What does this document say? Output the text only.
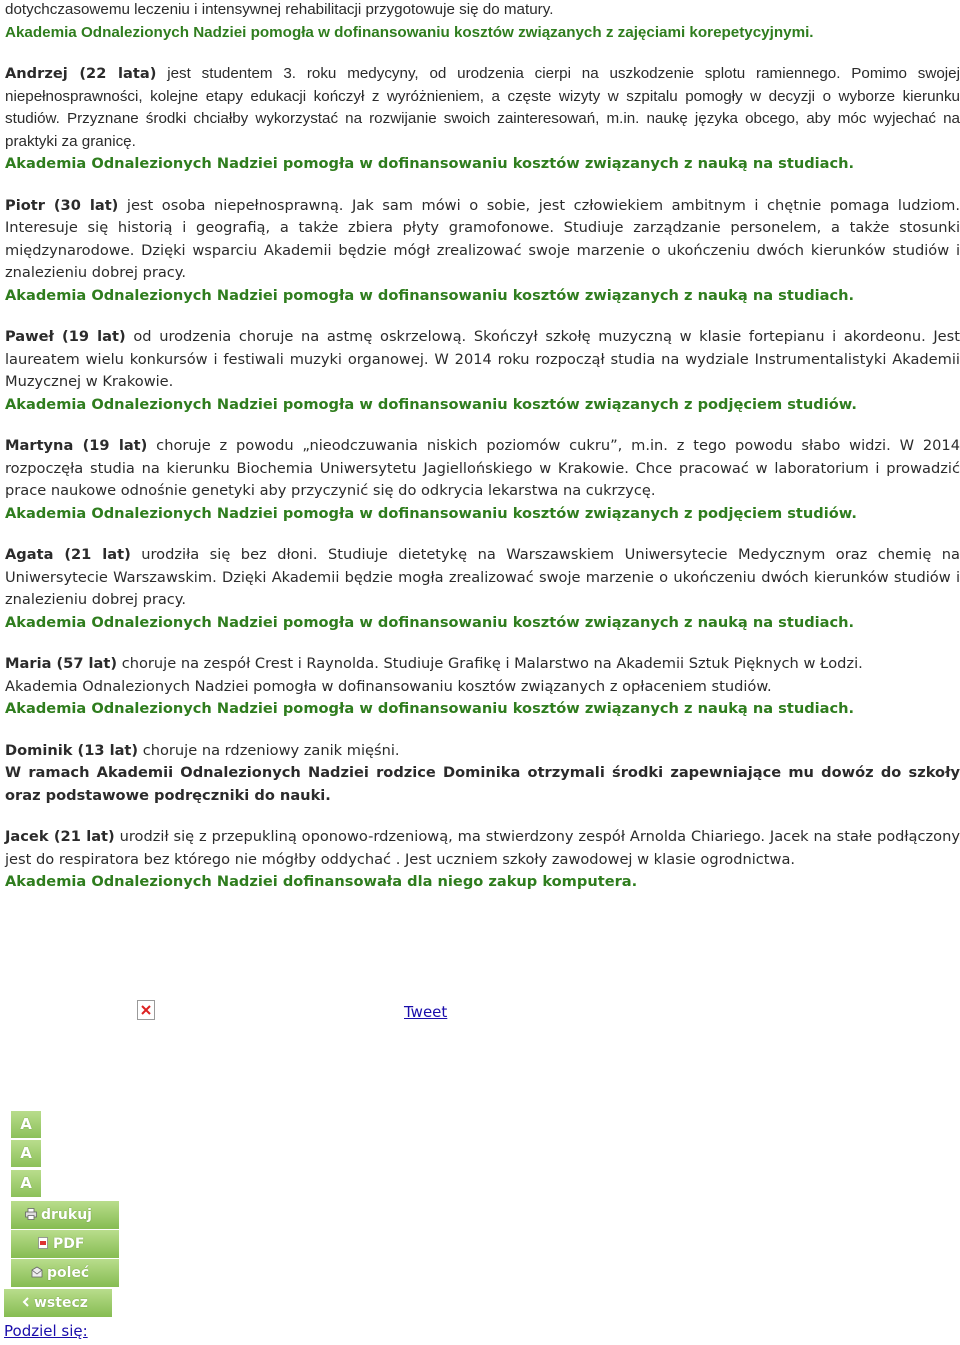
dotychczasowemu leczeniu i intensywnej rehabilitacji przygotowuje się do matury.
Akademia Odnalezionych Nadziei pomogła w dofinansowaniu kosztów związanych z zajęciami korepetycyjnymi.

Andrzej (22 lata) jest studentem 3. roku medycyny, od urodzenia cierpi na uszkodzenie splotu ramiennego. Pomimo swojej niepełnosprawności, kolejne etapy edukacji kończył z wyróżnieniem, a częste wizyty w szpitalu pomogły w decyzji o wyborze kierunku studiów. Przyznane środki chciałby wykorzystać na rozwijanie swoich zainteresowań, m.in. naukę języka obcego, aby móc wyjechać na praktyki za granicę.
Akademia Odnalezionych Nadziei pomogła w dofinansowaniu kosztów związanych z nauką na studiach.

Piotr (30 lat) jest osoba niepełnosprawną. Jak sam mówi o sobie, jest człowiekiem ambitnym i chętnie pomaga ludziom. Interesuje się historią i geografią, a także zbiera płyty gramofonowe. Studiuje zarządzanie personelem, a także stosunki międzynarodowe. Dzięki wsparciu Akademii będzie mógł zrealizować swoje marzenie o ukończeniu dwóch kierunków studiów i znalezieniu dobrej pracy.
Akademia Odnalezionych Nadziei pomogła w dofinansowaniu kosztów związanych z nauką na studiach.

Paweł (19 lat) od urodzenia choruje na astmę oskrzelową. Skończył szkołę muzyczną w klasie fortepianu i akordeonu. Jest laureatem wielu konkursów i festiwali muzyki organowej. W 2014 roku rozpoczął studia na wydziale Instrumentalistyki Akademii Muzycznej w Krakowie.
Akademia Odnalezionych Nadziei pomogła w dofinansowaniu kosztów związanych z podjęciem studiów.

Martyna (19 lat) choruje z powodu „nieodczuwania niskich poziomów cukru”, m.in. z tego powodu słabo widzi. W 2014 rozpoczęła studia na kierunku Biochemia Uniwersytetu Jagiellońskiego w Krakowie. Chce pracować w laboratorium i prowadzić prace naukowe odnośnie genetyki aby przyczynić się do odkrycia lekarstwa na cukrzycę.
Akademia Odnalezionych Nadziei pomogła w dofinansowaniu kosztów związanych z podjęciem studiów.

Agata (21 lat) urodziła się bez dłoni. Studiuje dietetykę na Warszawskiem Uniwersytecie Medycznym oraz chemię na Uniwersytecie Warszawskim. Dzięki Akademii będzie mogła zrealizować swoje marzenie o ukończeniu dwóch kierunków studiów i znalezieniu dobrej pracy.
Akademia Odnalezionych Nadziei pomogła w dofinansowaniu kosztów związanych z nauką na studiach.

Maria (57 lat) choruje na zespół Crest i Raynolda. Studiuje Grafikę i Malarstwo na Akademii Sztuk Pięknych w Łodzi.
Akademia Odnalezionych Nadziei pomogła w dofinansowaniu kosztów związanych z opłaceniem studiów.
Akademia Odnalezionych Nadziei pomogła w dofinansowaniu kosztów związanych z nauką na studiach.

Dominik (13 lat) choruje na rdzeniowy zanik mięśni.
W ramach Akademii Odnalezionych Nadziei rodzice Dominika otrzymali środki zapewniające mu dowóz do szkoły oraz podstawowe podręczniki do nauki.

Jacek (21 lat) urodził się z przepukliną oponowo-rdzeniową, ma stwierdzony zespół Arnolda Chiariego. Jacek na stałe podłączony jest do respiratora bez którego nie mógłby oddychać . Jest uczniem szkoły zawodowej w klasie ogrodnictwa.
Akademia Odnalezionych Nadziei dofinansowała dla niego zakup komputera.

Tweet
A
A
A
drukuj
PDF
poleć
wstecz
Podziel się:
